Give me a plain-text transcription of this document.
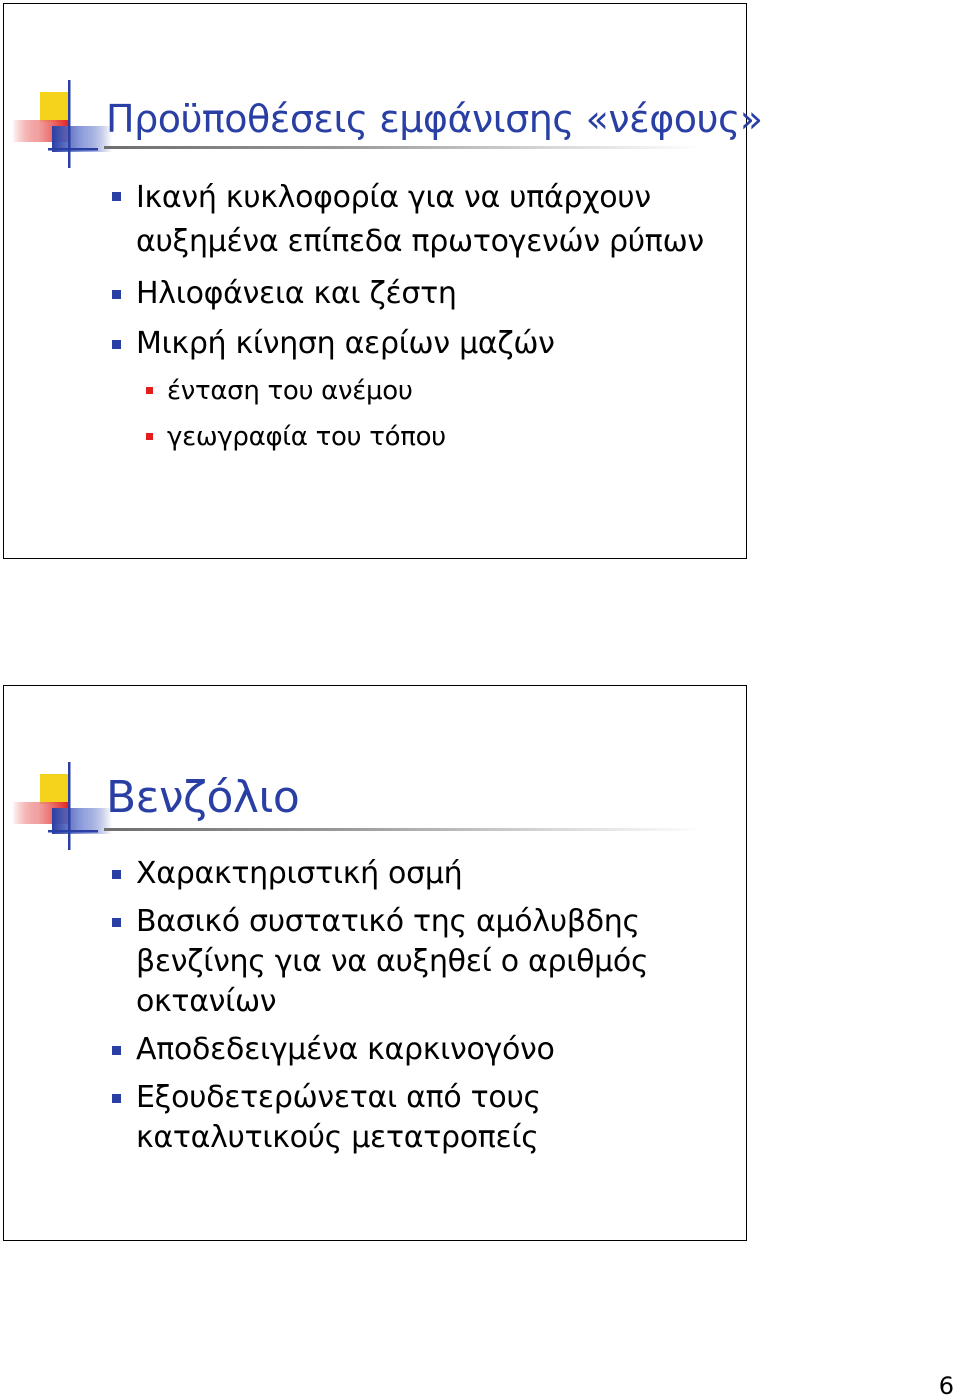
Προϋποθέσεις εμφάνισης «νέφους»
Ικανή κυκλοφορία για να υπάρχουν
αυξημένα επίπεδα πρωτογενών ρύπων
Ηλιοφάνεια και ζέστη
Μικρή κίνηση αερίων μαζών
ένταση του ανέμου
γεωγραφία του τόπου
Βενζόλιο
Χαρακτηριστική οσμή
Βασικό συστατικό της αμόλυβδης
βενζίνης για να αυξηθεί ο αριθμός
οκτανίων
Αποδεδειγμένα καρκινογόνο
Εξουδετερώνεται από τους
καταλυτικούς μετατροπείς
6
